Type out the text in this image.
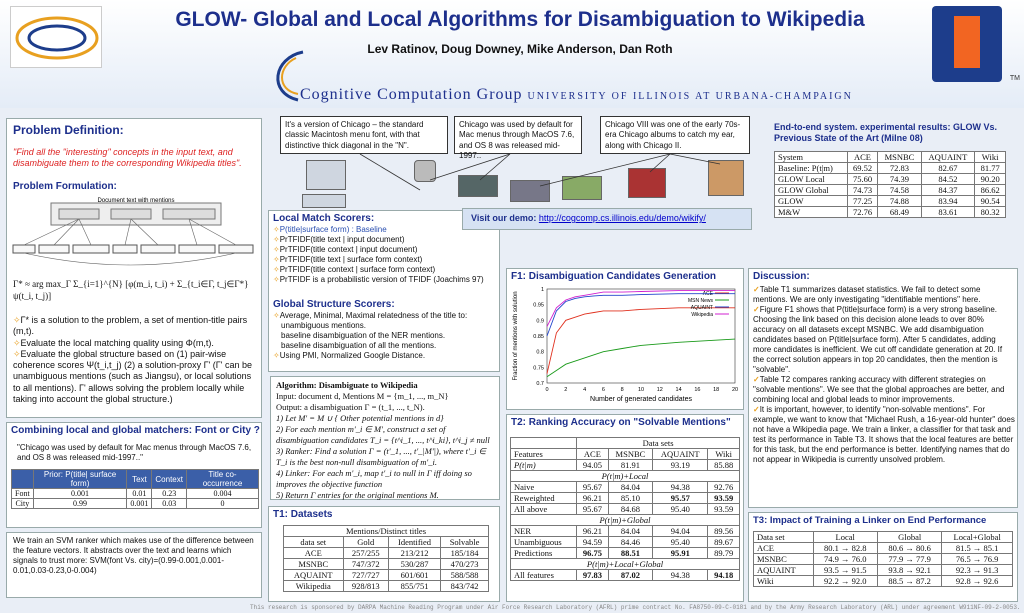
GLOW- Global and Local Algorithms for Disambiguation to Wikipedia
Lev Ratinov, Doug Downey, Mike Anderson, Dan Roth
Cognitive Computation Group UNIVERSITY OF ILLINOIS AT URBANA-CHAMPAIGN
TM
Problem Definition:
"Find all the "interesting" concepts in the input text, and disambiguate them to the corresponding Wikipedia titles".
Problem Formulation:
Document text with mentions
Γ* ≈ arg max_Γ Σ_{i=1}^{N} [φ(m_i, t_i) + Σ_{t_i∈Γ, t_j∈Γ*} ψ(t_i, t_j)]
✧ Γ* is a solution to the problem, a set of mention-title pairs (m,t).
✧ Evaluate the local matching quality using Φ(m,t).
✧ Evaluate the global structure based on (1) pair-wise coherence scores Ψ(t_i,t_j) (2) a solution-proxy Γ' (Γ' can be unambiguous mentions (such as Jiangsu), or local solutions to all mentions). Γ' allows solving the problem locally while taking into account the global structure.)
Combining local and global matchers: Font or City ?
"Chicago was used by default for Mac menus through MacOS 7.6, and OS 8 was released mid-1997.."
	Prior: P(title| surface form)	Text	Context	Title co-occurrence
Font	0.001	0.01	0.23	0.004
City	0.99	0.001	0.03	0
We train an SVM ranker which makes use of the difference between the feature vectors. It abstracts over the text and learns which signals to trust more: SVM(font Vs. city)=(0.99-0.001,0.001-0.01,0.03-0.23,0-0.004)
It's a version of Chicago – the standard classic Macintosh menu font, with that distinctive thick diagonal in the "N".
Chicago was used by default for Mac menus through MacOS 7.6, and OS 8 was released mid-1997..
Chicago VIII was one of the early 70s-era Chicago albums to catch my ear, along with Chicago II.
Local Match Scorers:
✧ P(title|surface form) : Baseline
✧ PrTFIDF(title text | input document)
✧ PrTFIDF(title context | input document)
✧ PrTFIDF(title text | surface form context)
✧ PrTFIDF(title context | surface form context)
✧ PrTFIDF is a probabilistic version of TFIDF (Joachims 97)
Global Structure Scorers:
✧ Average, Minimal, Maximal relatedness of the title to:
unambiguous mentions.
baseline disambiguation of the NER mentions.
baseline disambiguation of all the mentions.
✧ Using PMI, Normalized Google Distance.
Visit our demo: http://cogcomp.cs.illinois.edu/demo/wikify/
Algorithm: Disambiguate to Wikipedia
Input: document d, Mentions M = {m_1, ..., m_N}
Output: a disambiguation Γ = (t_1, ..., t_N).
1) Let M' = M ∪ { Other potential mentions in d}
2) For each mention m'_i ∈ M', construct a set of disambiguation candidates T_i = {t^i_1, ..., t^i_ki}, t^i_j ≠ null
3) Ranker: Find a solution Γ = (t'_1, ..., t'_|M'|), where t'_i ∈ T_i is the best non-null disambiguation of m'_i.
4) Linker: For each m'_i, map t'_i to null in Γ iff doing so improves the objective function
5) Return Γ entries for the original mentions M.
T1: Datasets
Mentions/Distinct titles			
data set	Gold	Identified	Solvable
ACE	257/255	213/212	185/184
MSNBC	747/372	530/287	470/273
AQUAINT	727/727	601/601	588/588
Wikipedia	928/813	855/751	843/742
F1: Disambiguation Candidates Generation
0	2	4	6	8	10 12 14 16 18 20
0.7
0.75
0.8
0.85
0.9
0.95
1
Number of generated candidates
Fraction of mentions with solution	ACE
MSN News
AQUAINT
Wikipedia
End-to-end system. experimental results: GLOW Vs. Previous State of the Art (Milne 08)
System	ACE	MSNBC	AQUAINT	Wiki
Baseline: P(t|m)	69.52	72.83	82.67	81.77
GLOW Local	75.60	74.39	84.52	90.20
GLOW Global	74.73	74.58	84.37	86.62
GLOW	77.25	74.88	83.94	90.54
M&W	72.76	68.49	83.61	80.32
T2: Ranking Accuracy on "Solvable Mentions"
	Data sets			
Features	ACE	MSNBC	AQUAINT	Wiki
P(t|m)	94.05	81.91	93.19	85.88
P(t|m)+Local				
Naive	95.67	84.04	94.38	92.76
Reweighted	96.21	85.10	95.57	93.59
All above	95.67	84.68	95.40	93.59
P(t|m)+Global				
NER	96.21	84.04	94.04	89.56
Unambiguous	94.59	84.46	95.40	89.67
Predictions	96.75	88.51	95.91	89.79
P(t|m)+Local+Global				
All features	97.83	87.02	94.38	94.18
Discussion:
✓ Table T1 summarizes dataset statistics. We fail to detect some mentions. We are only investigating "identifiable mentions" here.
✓ Figure F1 shows that P(title|surface form) is a very strong baseline. Choosing the link based on this decision alone leads to over 80% accuracy on all datasets except MSNBC. We add disambiguation candidates based on P(title|surface form). After 5 candidates, adding more candidates is inefficient. We cut off candidate generation at 20. If the correct solution appears in top 20 candidates, then the mention is "solvable".
✓ Table T2 compares ranking accuracy with different strategies on "solvable mentions". We see that the global approaches are better, and combining local and global leads to minor improvements.
✓ It is important, however, to identify "non-solvable mentions". For example, we want to know that "Michael Rush, a 16-year-old hunter" does not have a Wikipedia page. We train a linker, a classifier for that task and test its performance in Table T3. It shows that the local features are better for this task, but the end performance is better. Identifying names that do not appear in Wikipedia is currently unsolved problem.
T3: Impact of Training a Linker on End Performance
Data set	Local	Global	Local+Global
ACE	80.1 → 82.8	80.6 → 80.6	81.5 → 85.1
MSNBC	74.9 → 76.0	77.9 → 77.9	76.5 → 76.9
AQUAINT	93.5 → 91.5	93.8 → 92.1	92.3 → 91.3
Wiki	92.2 → 92.0	88.5 → 87.2	92.8 → 92.6
This research is sponsored by DARPA Machine Reading Program under Air Force Research Laboratory (AFRL) prime contract No. FA8750-09-C-0181 and by the Army Research Laboratory (ARL) under agreement W911NF-09-2-0053.
